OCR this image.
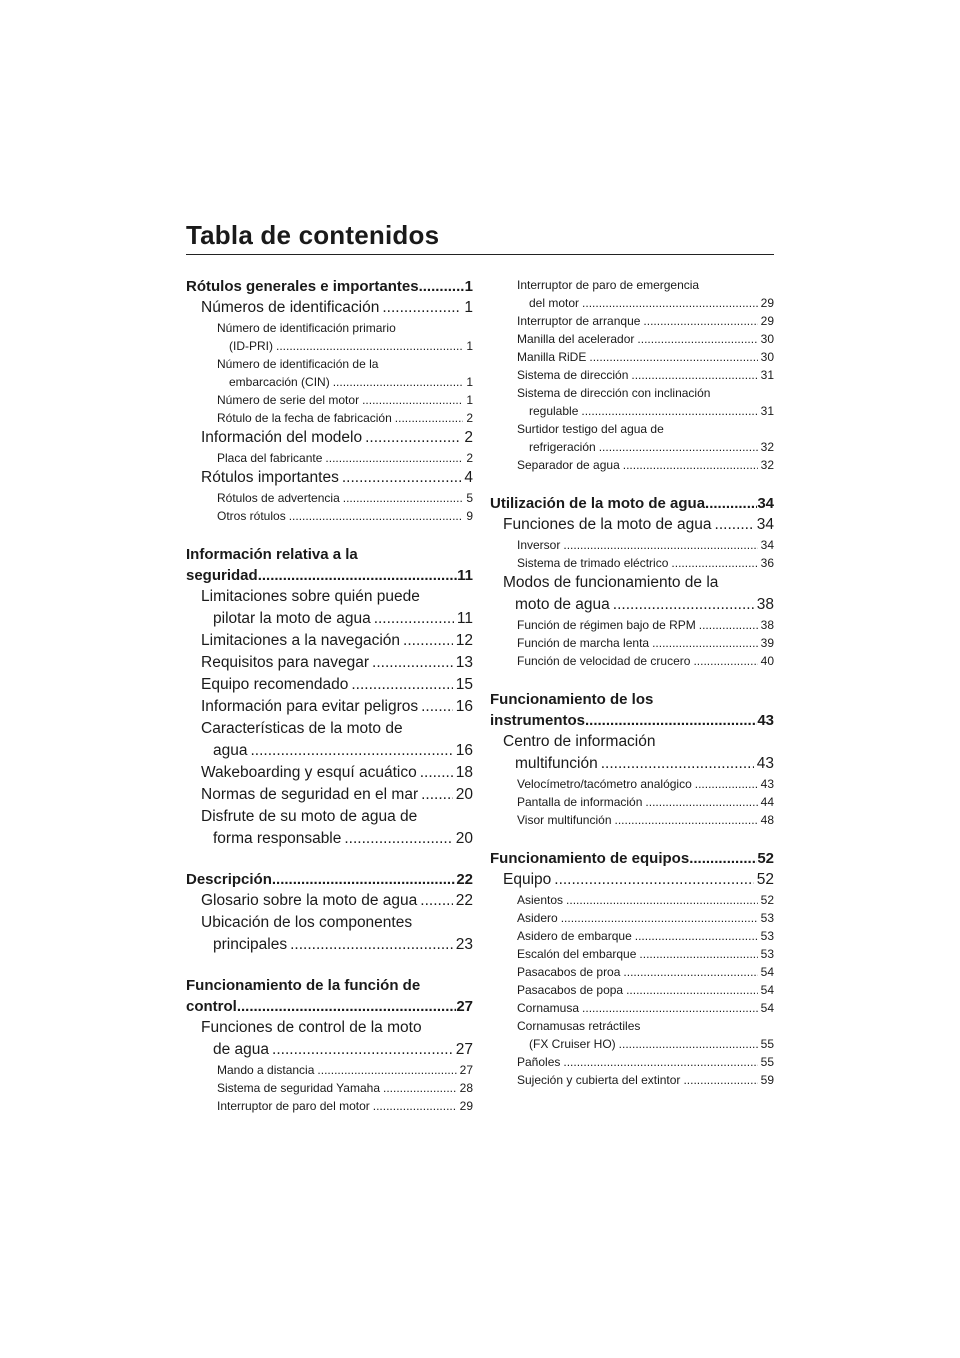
Tabla de contenidos
Rótulos generales e importantes .....	1
Números de identificación .....	1
Número de identificación primario
(ID-PRI) .....	1
Número de identificación de la
embarcación (CIN) .....	1
Número de serie del motor .....	1
Rótulo de la fecha de fabricación .....	2
Información del modelo .....	2
Placa del fabricante .....	2
Rótulos importantes .....	4
Rótulos de advertencia .....	5
Otros rótulos .....	9
Información relativa a la
seguridad .....	11
Limitaciones sobre quién puede
pilotar la moto de agua .....	11
Limitaciones a la navegación .....	12
Requisitos para navegar .....	13
Equipo recomendado .....	15
Información para evitar peligros ..... 16
Características de la moto de
agua .....	16
Wakeboarding y esquí acuático .....	18
Normas de seguridad en el mar ..... 20
Disfrute de su moto de agua de
forma responsable .....	20
Descripción .....	22
Glosario sobre la moto de agua ..... 22
Ubicación de los componentes
principales .....	23
Funcionamiento de la función de
control .....	27
Funciones de control de la moto
de agua .....	27
Mando a distancia .....	27
Sistema de seguridad Yamaha .....	28
Interruptor de paro del motor .....	29
Interruptor de paro de emergencia
del motor .....	29
Interruptor de arranque .....	29
Manilla del acelerador .....	30
Manilla RiDE .....	30
Sistema de dirección .....	31
Sistema de dirección con inclinación
regulable .....	31
Surtidor testigo del agua de
refrigeración .....	32
Separador de agua .....	32
Utilización de la moto de agua .....	34
Funciones de la moto de agua .....	34
Inversor .....	34
Sistema de trimado eléctrico .....	36
Modos de funcionamiento de la
moto de agua .....	38
Función de régimen bajo de RPM .....	38
Función de marcha lenta .....	39
Función de velocidad de crucero .....	40
Funcionamiento de los
instrumentos .....	43
Centro de información
multifunción .....	43
Velocímetro/tacómetro analógico .....	43
Pantalla de información .....	44
Visor multifunción .....	48
Funcionamiento de equipos .....	52
Equipo .....	52
Asientos .....	52
Asidero .....	53
Asidero de embarque .....	53
Escalón del embarque .....	53
Pasacabos de proa .....	54
Pasacabos de popa .....	54
Cornamusa .....	54
Cornamusas retráctiles
(FX Cruiser HO) .....	55
Pañoles .....	55
Sujeción y cubierta del extintor .....	59
